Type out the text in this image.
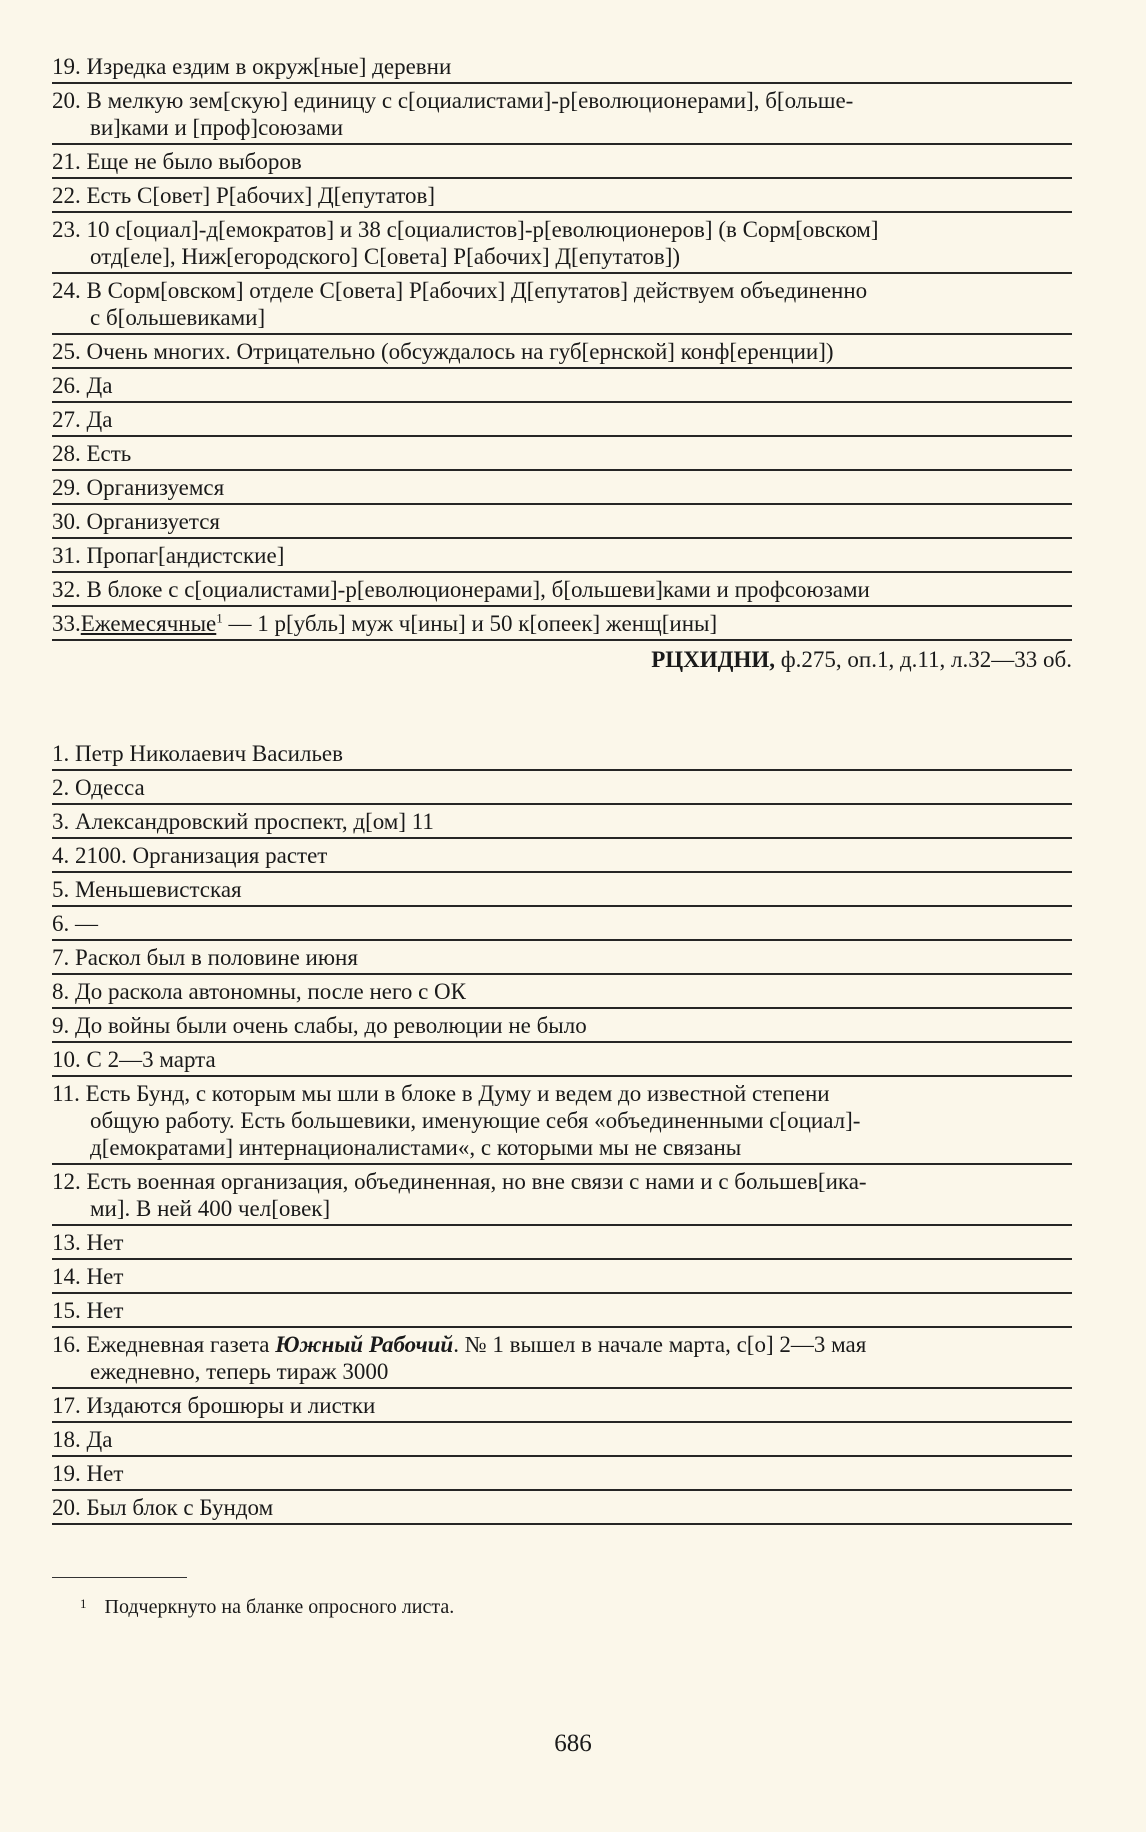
19. Изредка ездим в окруж[ные] деревни
20. В мелкую зем[скую] единицу с с[оциалистами]-р[еволюционерами], б[ольше-
ви]ками и [проф]союзами
21. Еще не было выборов
22. Есть С[овет] Р[абочих] Д[епутатов]
23. 10 с[оциал]-д[емократов] и 38 с[оциалистов]-р[еволюционеров] (в Сорм[овском]
отд[еле], Ниж[егородского] С[овета] Р[абочих] Д[епутатов])
24. В Сорм[овском] отделе С[овета] Р[абочих] Д[епутатов] действуем объединенно
с б[ольшевиками]
25. Очень многих. Отрицательно (обсуждалось на губ[ернской] конф[еренции])
26. Да
27. Да
28. Есть
29. Организуемся
30. Организуется
31. Пропаг[андистские]
32. В блоке с с[оциалистами]-р[еволюционерами], б[ольшеви]ками и профсоюзами
33.Ежемесячные$^1$ — 1 р[убль] муж ч[ины] и 50 к[опеек] женщ[ины]
РЦХИДНИ, ф.275, оп.1, д.11, л.32—33 об.
1. Петр Николаевич Васильев
2. Одесса
3. Александровский проспект, д[ом] 11
4. 2100. Организация растет
5. Меньшевистская
6. —
7. Раскол был в половине июня
8. До раскола автономны, после него с ОК
9. До войны были очень слабы, до революции не было
10. С 2—3 марта
11. Есть Бунд, с которым мы шли в блоке в Думу и ведем до известной степени
общую работу. Есть большевики, именующие себя «объединенными с[оциал]-
д[емократами] интернационалистами«, с которыми мы не связаны
12. Есть военная организация, объединенная, но вне связи с нами и с большев[ика-
ми]. В ней 400 чел[овек]
13. Нет
14. Нет
15. Нет
16. Ежедневная газета Южный Рабочий. № 1 вышел в начале марта, с[о] 2—3 мая
ежедневно, теперь тираж 3000
17. Издаются брошюры и листки
18. Да
19. Нет
20. Был блок с Бундом
$^1$ Подчеркнуто на бланке опросного листа.
686
